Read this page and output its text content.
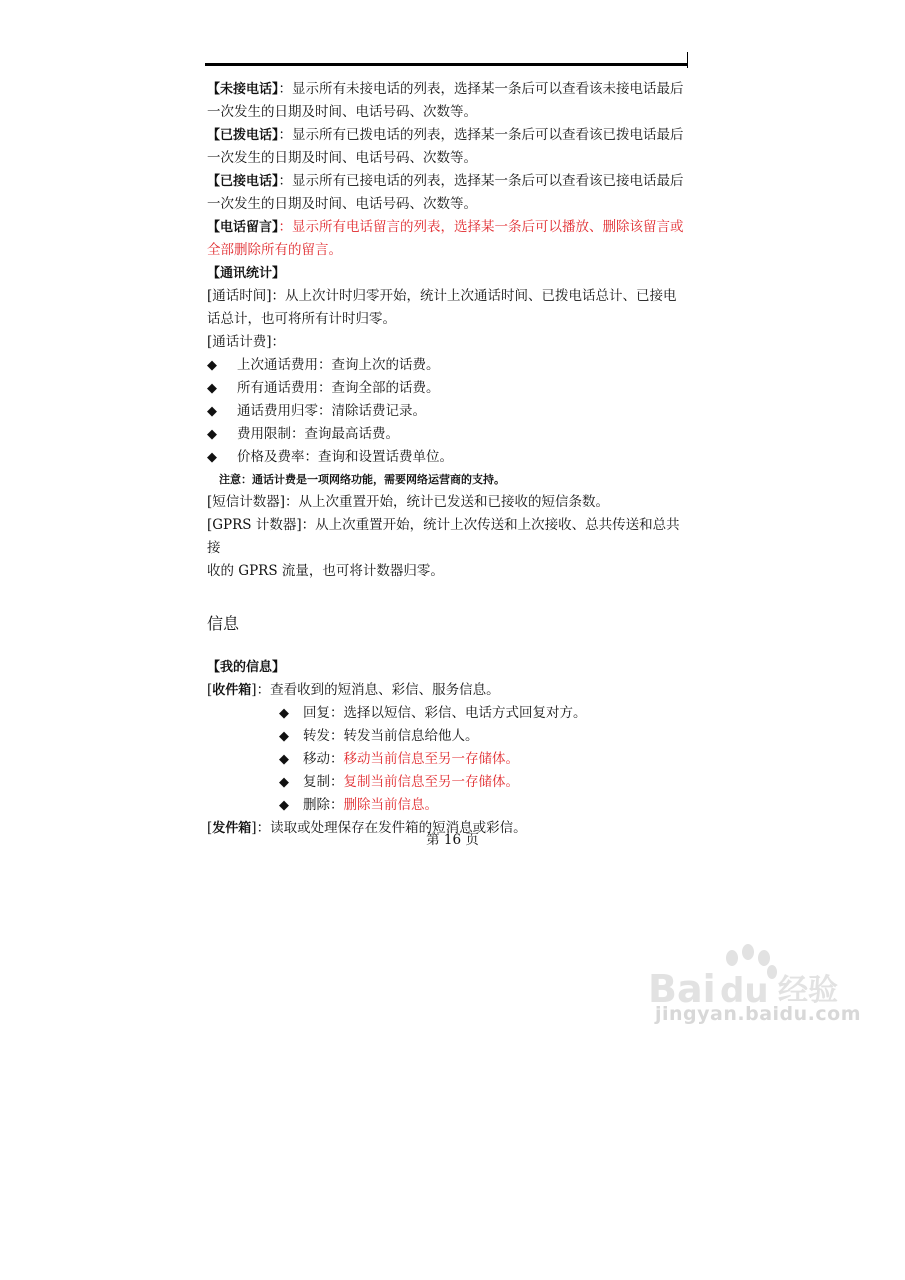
【未接电话】：显示所有未接电话的列表，选择某一条后可以查看该未接电话最后

一次发生的日期及时间、电话号码、次数等。

【已拨电话】：显示所有已拨电话的列表，选择某一条后可以查看该已拨电话最后

一次发生的日期及时间、电话号码、次数等。

【已接电话】：显示所有已接电话的列表，选择某一条后可以查看该已接电话最后

一次发生的日期及时间、电话号码、次数等。

【电话留言】：显示所有电话留言的列表，选择某一条后可以播放、删除该留言或

全部删除所有的留言。

【通讯统计】

[通话时间]：从上次计时归零开始，统计上次通话时间、已拨电话总计、已接电

话总计，也可将所有计时归零。

[通话计费]：

◆	上次通话费用：查询上次的话费。
◆	所有通话费用：查询全部的话费。
◆	通话费用归零：清除话费记录。
◆	费用限制：查询最高话费。
◆	价格及费率：查询和设置话费单位。

注意：通话计费是一项网络功能，需要网络运营商的支持。

[短信计数器]：从上次重置开始，统计已发送和已接收的短信条数。

[GPRS 计数器]：从上次重置开始，统计上次传送和上次接收、总共传送和总共接

收的 GPRS 流量，也可将计数器归零。

信息

【我的信息】

[收件箱]：查看收到的短消息、彩信、服务信息。

◆	回复： 选择以短信、彩信、电话方式回复对方。
◆	转发： 转发当前信息给他人。
◆	移动： 移动当前信息至另一存储体。
◆	复制： 复制当前信息至另一存储体。
◆	删除： 删除当前信息。

[发件箱]：读取或处理保存在发件箱的短消息或彩信。

第 16 页
Bai du 经验
jingyan.baidu.com
